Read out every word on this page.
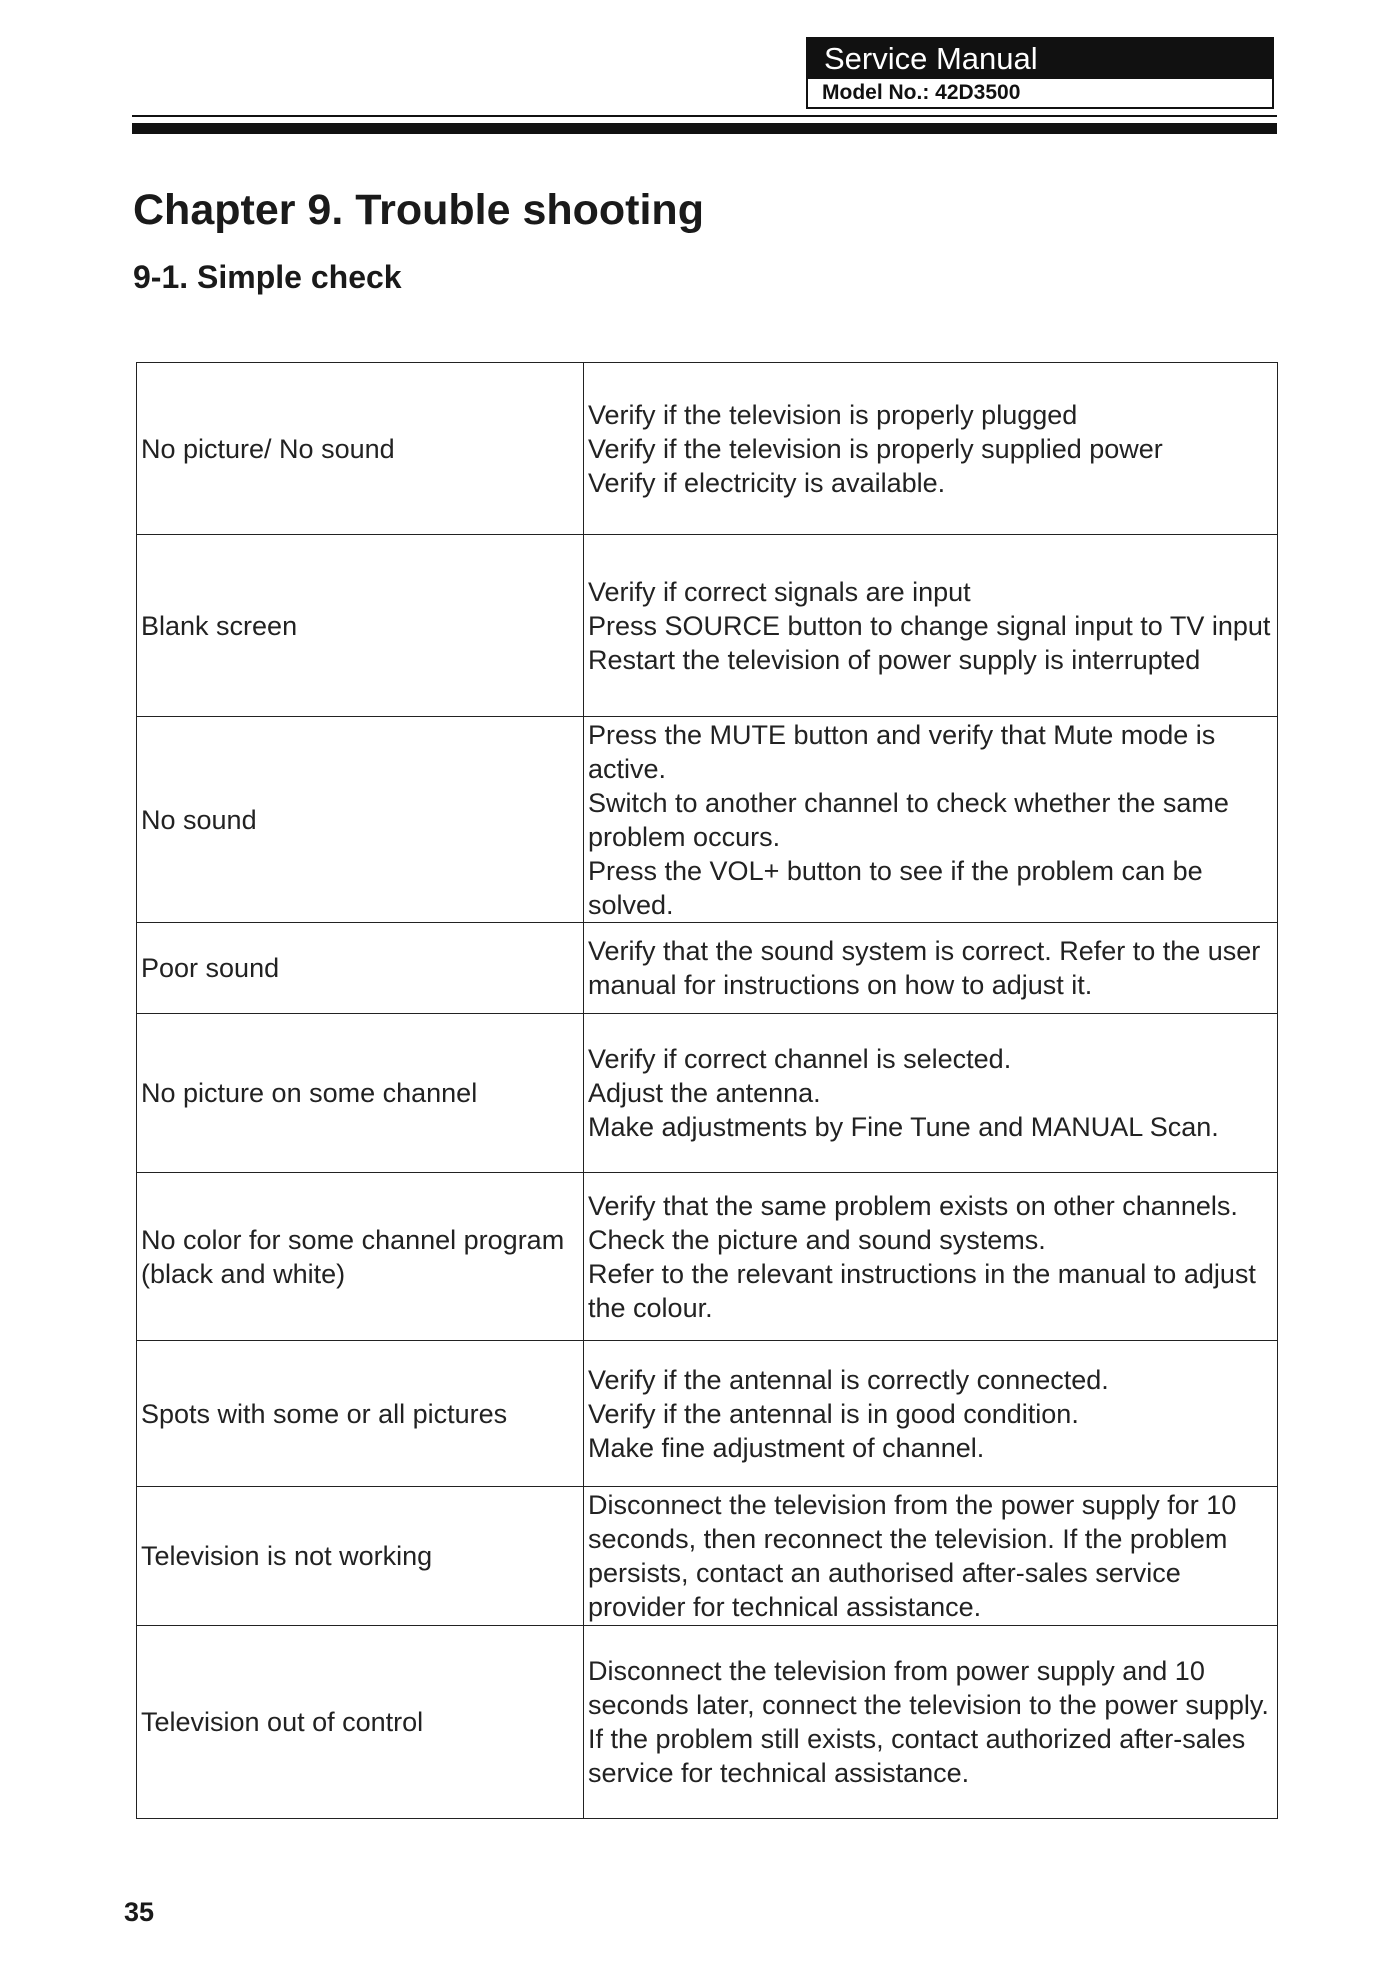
Service Manual
Model No.: 42D3500
Chapter 9. Trouble shooting
9-1. Simple check
No picture/ No sound	Verify if the television is properly plugged
Verify if the television is properly supplied power
Verify if electricity is available.

Blank screen	Verify if correct signals are input
Press SOURCE button to change signal input to TV input
Restart the television of power supply is interrupted

No sound	Press the MUTE button and verify that Mute mode is active.
Switch to another channel to check whether the same problem occurs.
Press the VOL+ button to see if the problem can be solved.

Poor sound	Verify that the sound system is correct. Refer to the user manual for instructions on how to adjust it.

No picture on some channel	Verify if correct channel is selected.
Adjust the antenna.
Make adjustments by Fine Tune and MANUAL Scan.

No color for some channel program (black and white)	Verify that the same problem exists on other channels.
Check the picture and sound systems.
Refer to the relevant instructions in the manual to adjust the colour.

Spots with some or all pictures	Verify if the antennal is correctly connected.
Verify if the antennal is in good condition.
Make fine adjustment of channel.

Television is not working	Disconnect the television from the power supply for 10 seconds, then reconnect the television. If the problem persists, contact an authorised after-sales service provider for technical assistance.

Television out of control	Disconnect the television from power supply and 10 seconds later, connect the television to the power supply. If the problem still exists, contact authorized after-sales service for technical assistance.
35
